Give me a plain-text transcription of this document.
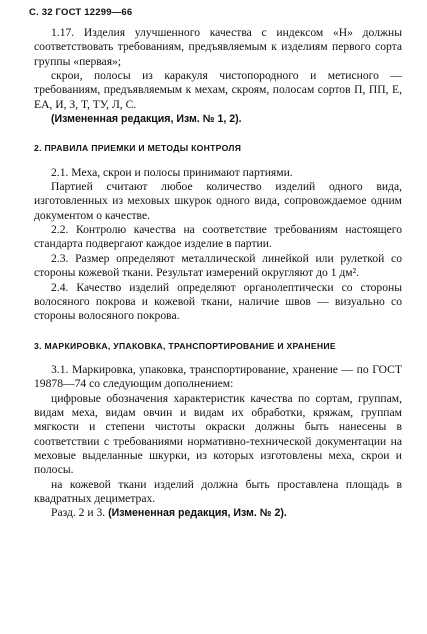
С. 32 ГОСТ 12299—66

1.17. Изделия улучшенного качества с индексом «Н» должны соответствовать требованиям, предъявляемым к изделиям первого сорта группы «первая»;

скрои, полосы из каракуля чистопородного и метисного — требованиям, предъявляемым к мехам, скроям, полосам сортов П, ПП, Е, ЕА, И, З, Т, ТУ, Л, С.

(Измененная редакция, Изм. № 1, 2).

2. ПРАВИЛА ПРИЕМКИ И МЕТОДЫ КОНТРОЛЯ

2.1. Меха, скрои и полосы принимают партиями.

Партией считают любое количество изделий одного вида, изготовленных из меховых шкурок одного вида, сопровождаемое одним документом о качестве.

2.2. Контролю качества на соответствие требованиям настоящего стандарта подвергают каждое изделие в партии.

2.3. Размер определяют металлической линейкой или рулеткой со стороны кожевой ткани. Результат измерений округляют до 1 дм².

2.4. Качество изделий определяют органолептически со стороны волосяного покрова и кожевой ткани, наличие швов — визуально со стороны волосяного покрова.

3. МАРКИРОВКА, УПАКОВКА, ТРАНСПОРТИРОВАНИЕ И ХРАНЕНИЕ

3.1. Маркировка, упаковка, транспортирование, хранение — по ГОСТ 19878—74 со следующим дополнением:

цифровые обозначения характеристик качества по сортам, группам, видам меха, видам овчин и видам их обработки, кряжам, группам мягкости и степени чистоты окраски должны быть нанесены в соответствии с требованиями нормативно-технической документации на меховые выделанные шкурки, из которых изготовлены меха, скрои и полосы.

на кожевой ткани изделий должна быть проставлена площадь в квадратных дециметрах.

Разд. 2 и 3. (Измененная редакция, Изм. № 2).
